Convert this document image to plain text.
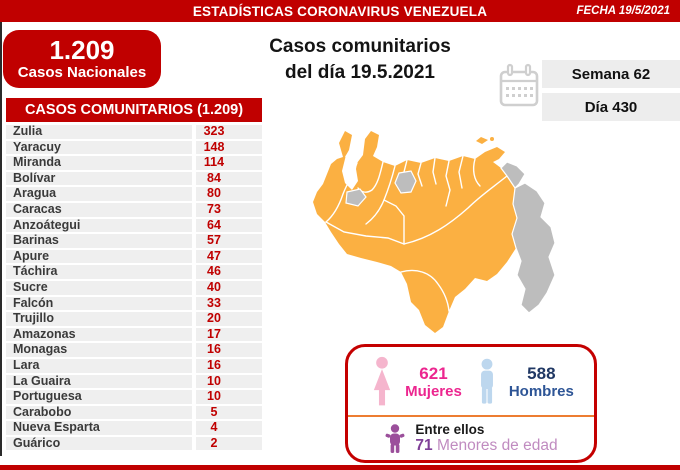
ESTADÍSTICAS CORONAVIRUS VENEZUELA	FECHA 19/5/2021
1.209
Casos Nacionales
Casos comunitarios
del día 19.5.2021	Semana 62
Día 430
CASOS COMUNITARIOS (1.209)
Zulia	323
Yaracuy	148
Miranda	114
Bolívar	84
Aragua	80
Caracas	73
Anzoátegui	64
Barinas	57
Apure	47
Táchira	46
Sucre	40
Falcón	33
Trujillo	20
Amazonas	17
Monagas	16
Lara	16
La Guaira	10
Portuguesa	10
Carabobo	5
Nueva Esparta	4
Guárico	2
621
Mujeres
588
Hombres
Entre ellos
71 Menores de edad
